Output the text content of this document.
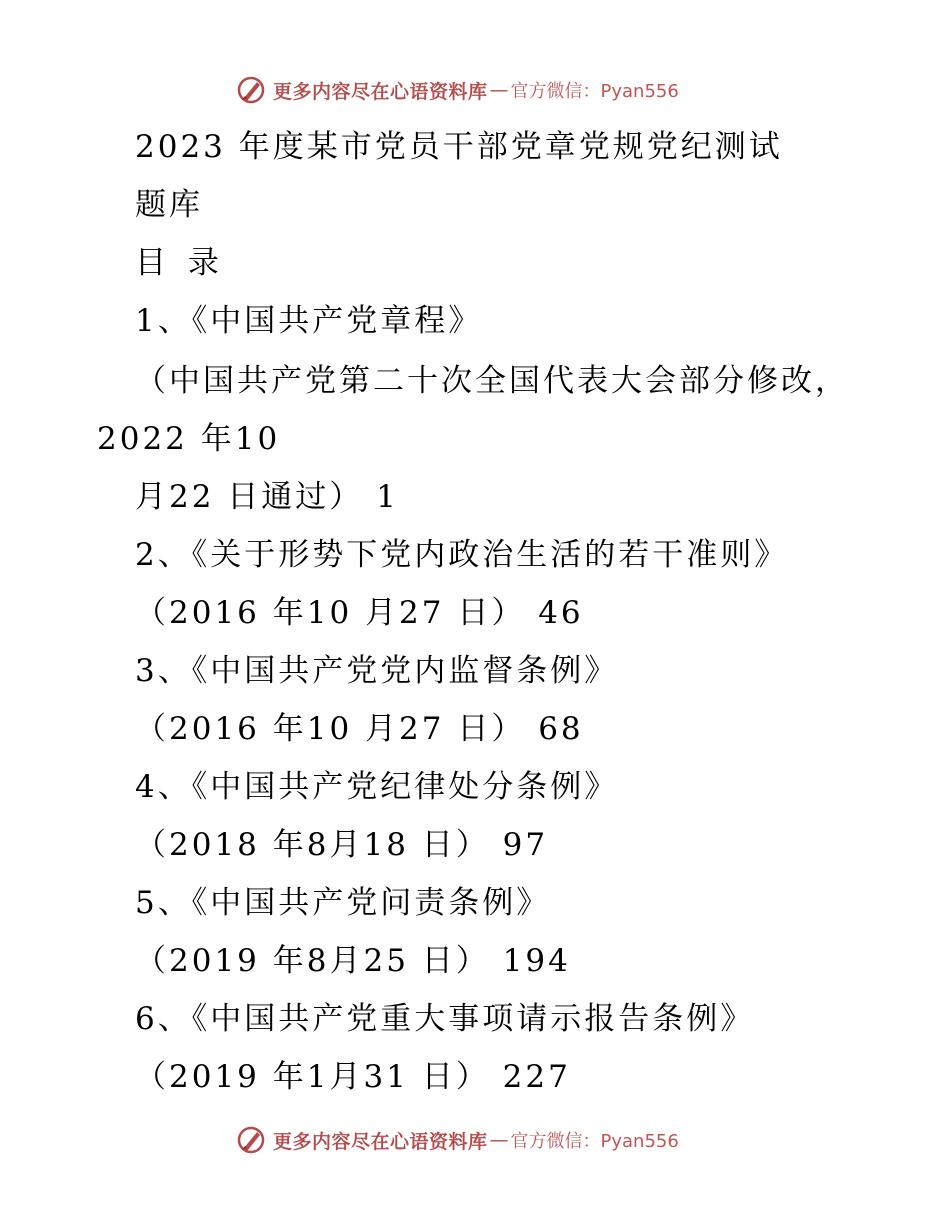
更多内容尽在心语资料库 — 官方微信：Pyan556
2023 年度某市党员干部党章党规党纪测试
题库
目 录
1、《中国共产党章程》
（中国共产党第二十次全国代表大会部分修改，
2022 年10
月22 日通过） 1
2、《关于形势下党内政治生活的若干准则》
（2016 年10 月27 日） 46
3、《中国共产党党内监督条例》
（2016 年10 月27 日） 68
4、《中国共产党纪律处分条例》
（2018 年8月18 日） 97
5、《中国共产党问责条例》
（2019 年8月25 日） 194
6、《中国共产党重大事项请示报告条例》
（2019 年1月31 日） 227
更多内容尽在心语资料库 — 官方微信：Pyan556
